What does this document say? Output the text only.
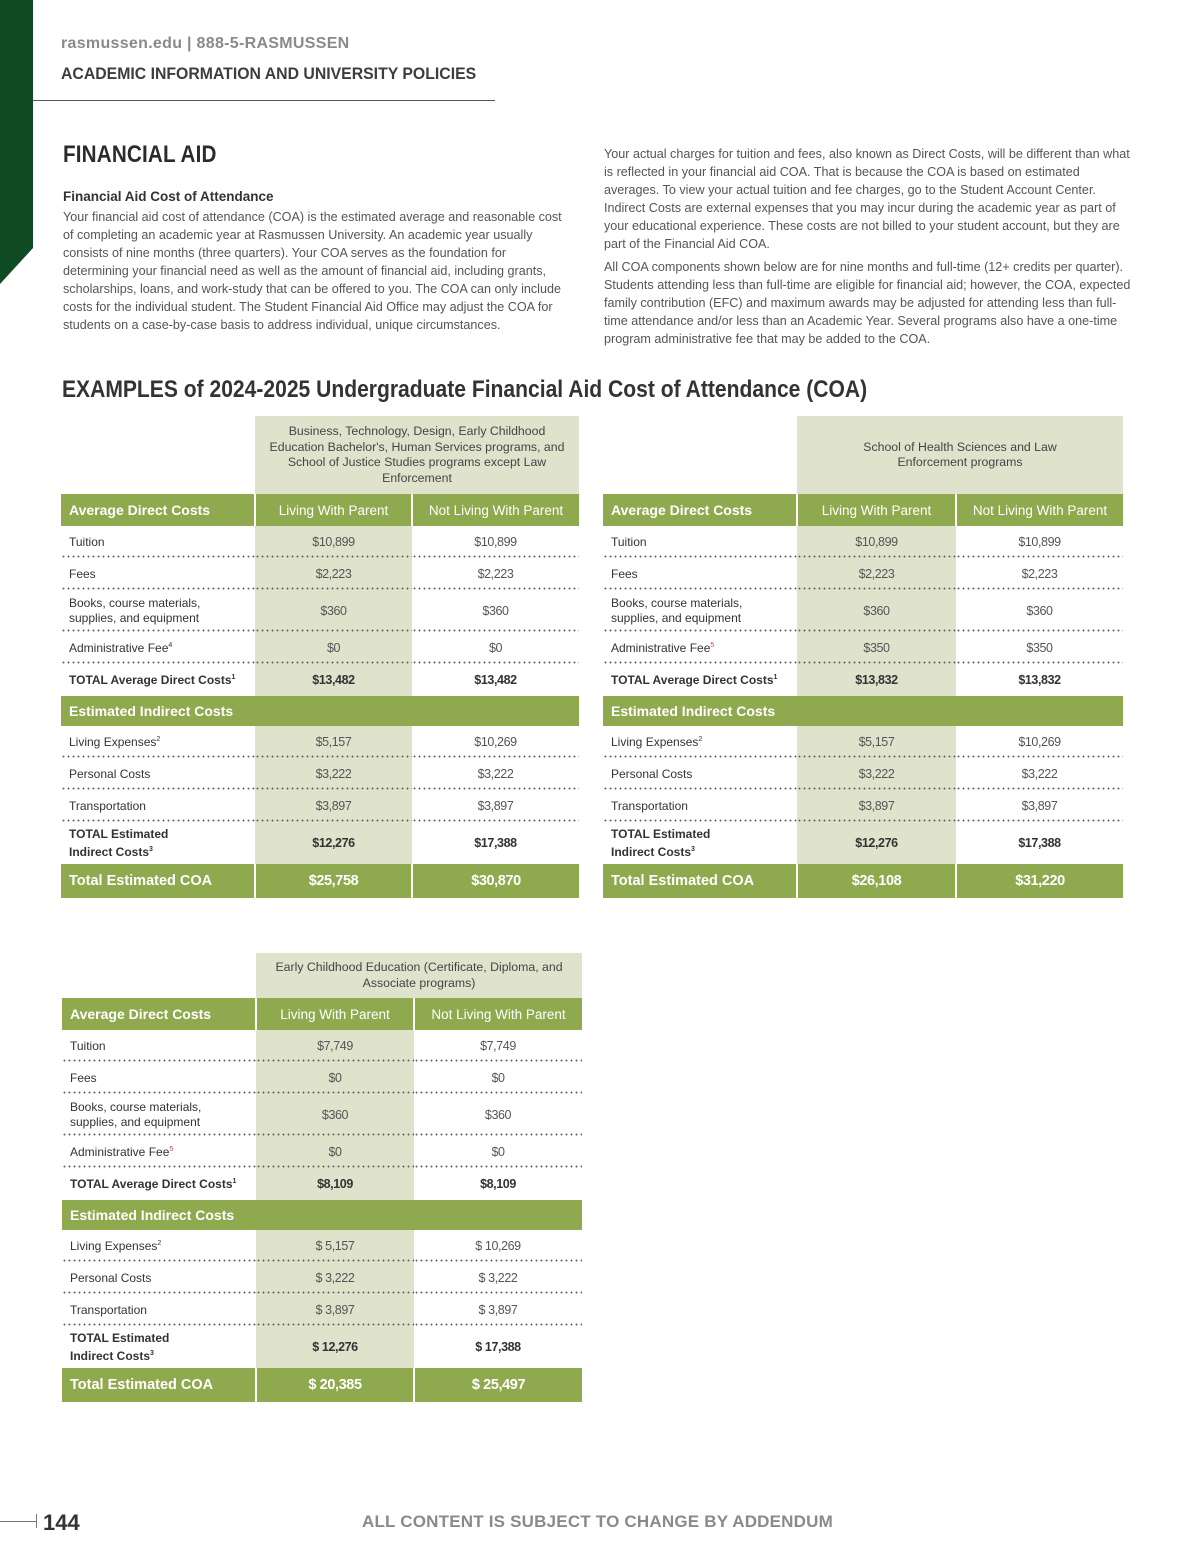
rasmussen.edu | 888-5-RASMUSSEN
ACADEMIC INFORMATION AND UNIVERSITY POLICIES
FINANCIAL AID
Financial Aid Cost of Attendance
Your financial aid cost of attendance (COA) is the estimated average and reasonable cost of completing an academic year at Rasmussen University. An academic year usually consists of nine months (three quarters). Your COA serves as the foundation for determining your financial need as well as the amount of financial aid, including grants, scholarships, loans, and work-study that can be offered to you. The COA can only include costs for the individual student. The Student Financial Aid Office may adjust the COA for students on a case-by-case basis to address individual, unique circumstances.
Your actual charges for tuition and fees, also known as Direct Costs, will be different than what is reflected in your financial aid COA. That is because the COA is based on estimated averages. To view your actual tuition and fee charges, go to the Student Account Center. Indirect Costs are external expenses that you may incur during the academic year as part of your educational experience. These costs are not billed to your student account, but they are part of the Financial Aid COA.
All COA components shown below are for nine months and full-time (12+ credits per quarter). Students attending less than full-time are eligible for financial aid; however, the COA, expected family contribution (EFC) and maximum awards may be adjusted for attending less than full-time attendance and/or less than an Academic Year. Several programs also have a one-time program administrative fee that may be added to the COA.
EXAMPLES of 2024-2025 Undergraduate Financial Aid Cost of Attendance (COA)
	Business, Technology, Design, Early Childhood Education Bachelor's, Human Services programs, and School of Justice Studies programs except Law Enforcement	
Average Direct Costs	Living With Parent	Not Living With Parent
Tuition	$10,899	$10,899
Fees	$2,223	$2,223

Books, course materials, supplies, and equipment	$360	$360
Administrative Fee$^4$	$0	$0
TOTAL Average Direct Costs$^1$	$13,482	$13,482
Estimated Indirect Costs		
Living Expenses$^2$	$5,157	$10,269
Personal Costs	$3,222	$3,222
Transportation	$3,897	$3,897

TOTAL Estimated Indirect Costs$^3$	$12,276	$17,388
Total Estimated COA	$25,758	$30,870
	School of Health Sciences and Law Enforcement programs	
Average Direct Costs	Living With Parent	Not Living With Parent
Tuition	$10,899	$10,899
Fees	$2,223	$2,223

Books, course materials, supplies, and equipment	$360	$360
Administrative Fee$^5$	$350	$350
TOTAL Average Direct Costs$^1$	$13,832	$13,832
Estimated Indirect Costs		
Living Expenses$^2$	$5,157	$10,269
Personal Costs	$3,222	$3,222
Transportation	$3,897	$3,897

TOTAL Estimated Indirect Costs$^3$	$12,276	$17,388
Total Estimated COA	$26,108	$31,220
	Early Childhood Education (Certificate, Diploma, and Associate programs)	
Average Direct Costs	Living With Parent	Not Living With Parent
Tuition	$7,749	$7,749
Fees	$0	$0

Books, course materials, supplies, and equipment	$360	$360
Administrative Fee$^5$	$0	$0
TOTAL Average Direct Costs$^1$	$8,109	$8,109
Estimated Indirect Costs		
Living Expenses$^2$	$ 5,157	$ 10,269
Personal Costs	$ 3,222	$ 3,222
Transportation	$ 3,897	$ 3,897

TOTAL Estimated Indirect Costs$^3$	$ 12,276	$ 17,388
Total Estimated COA	$ 20,385	$ 25,497
144	ALL CONTENT IS SUBJECT TO CHANGE BY ADDENDUM
